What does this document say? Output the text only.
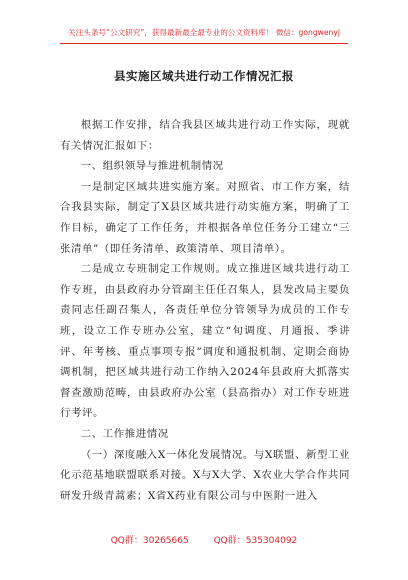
关注头条号“公文研究”，获得最新最全最专业的公文资料库！ 微信：gongwenyj
县实施区域共进行动工作情况汇报

根据工作安排，结合我县区域共进行动工作实际，现就有关情况汇报如下：

一、组织领导与推进机制情况

一是制定区域共进实施方案。对照省、市工作方案，结合我县实际，制定了X县区域共进行动实施方案，明确了工作目标，确定了工作任务，并根据各单位任务分工建立“三张清单”（即任务清单、政策清单、项目清单）。

二是成立专班制定工作规则。成立推进区域共进行动工作专班，由县政府办分管副主任任召集人，县发改局主要负责同志任副召集人，各责任单位分管领导为成员的工作专班，设立工作专班办公室，建立“旬调度、月通报、季讲评、年考核、重点事项专报”调度和通报机制、定期会商协调机制，把区域共进行动工作纳入2024年县政府大抓落实督查激励范畴，由县政府办公室（县高指办）对工作专班进行考评。

二、工作推进情况

（一）深度融入X一体化发展情况。与X联盟、新型工业化示范基地联盟联系对接。X与X大学、X农业大学合作共同研发升级青蒿素；X省X药业有限公司与中医附一进入

QQ群：30265665	QQ群：535304092
